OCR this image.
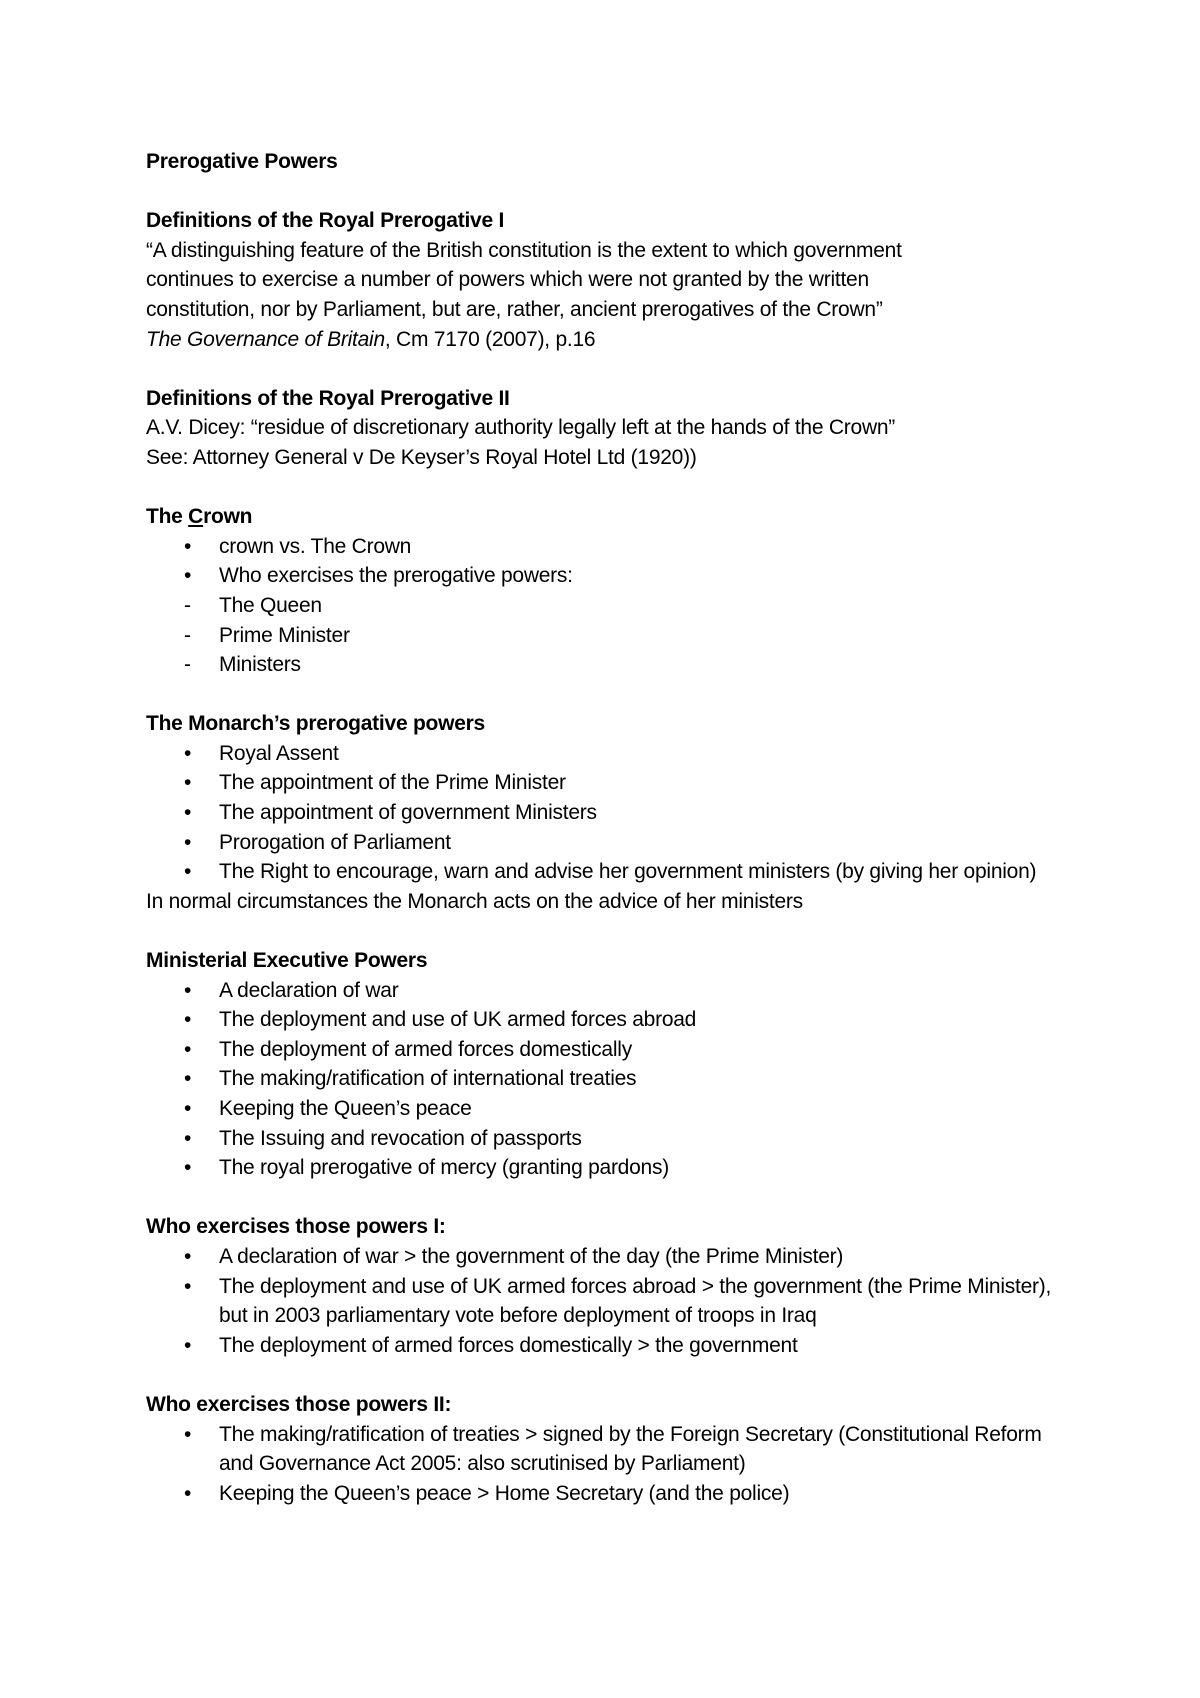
Prerogative Powers
Definitions of the Royal Prerogative I
“A distinguishing feature of the British constitution is the extent to which government
continues to exercise a number of powers which were not granted by the written
constitution, nor by Parliament, but are, rather, ancient prerogatives of the Crown”
The Governance of Britain, Cm 7170 (2007), p.16
Definitions of the Royal Prerogative II
A.V. Dicey: “residue of discretionary authority legally left at the hands of the Crown”
See: Attorney General v De Keyser’s Royal Hotel Ltd (1920))
The Crown
•	crown vs. The Crown
•	Who exercises the prerogative powers:
-	The Queen
-	Prime Minister
-	Ministers
The Monarch’s prerogative powers
•	Royal Assent
•	The appointment of the Prime Minister
•	The appointment of government Ministers
•	Prorogation of Parliament
•	The Right to encourage, warn and advise her government ministers (by giving her opinion)
In normal circumstances the Monarch acts on the advice of her ministers
Ministerial Executive Powers
•	A declaration of war
•	The deployment and use of UK armed forces abroad
•	The deployment of armed forces domestically
•	The making/ratification of international treaties
•	Keeping the Queen’s peace
•	The Issuing and revocation of passports
•	The royal prerogative of mercy (granting pardons)
Who exercises those powers I:
•	A declaration of war > the government of the day (the Prime Minister)
•	The deployment and use of UK armed forces abroad > the government (the Prime Minister), but in 2003 parliamentary vote before deployment of troops in Iraq
•	The deployment of armed forces domestically > the government
Who exercises those powers II:
•	The making/ratification of treaties > signed by the Foreign Secretary (Constitutional Reform and Governance Act 2005: also scrutinised by Parliament)
•	Keeping the Queen’s peace > Home Secretary (and the police)
